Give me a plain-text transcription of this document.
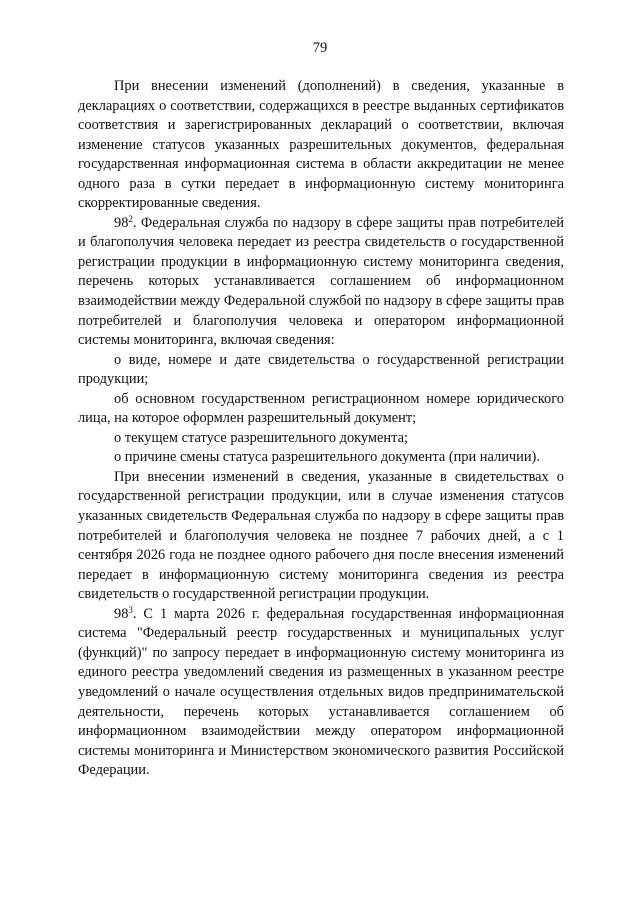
79

При внесении изменений (дополнений) в сведения, указанные в декларациях о соответствии, содержащихся в реестре выданных сертификатов соответствия и зарегистрированных деклараций о соответствии, включая изменение статусов указанных разрешительных документов, федеральная государственная информационная система в области аккредитации не менее одного раза в сутки передает в информационную систему мониторинга скорректированные сведения.

$98^2$. Федеральная служба по надзору в сфере защиты прав потребителей и благополучия человека передает из реестра свидетельств о государственной регистрации продукции в информационную систему мониторинга сведения, перечень которых устанавливается соглашением об информационном взаимодействии между Федеральной службой по надзору в сфере защиты прав потребителей и благополучия человека и оператором информационной системы мониторинга, включая сведения:

о виде, номере и дате свидетельства о государственной регистрации продукции;

об основном государственном регистрационном номере юридического лица, на которое оформлен разрешительный документ;

о текущем статусе разрешительного документа;

о причине смены статуса разрешительного документа (при наличии).

При внесении изменений в сведения, указанные в свидетельствах о государственной регистрации продукции, или в случае изменения статусов указанных свидетельств Федеральная служба по надзору в сфере защиты прав потребителей и благополучия человека не позднее 7 рабочих дней, а с 1 сентября 2026 года не позднее одного рабочего дня после внесения изменений передает в информационную систему мониторинга сведения из реестра свидетельств о государственной регистрации продукции.

$98^3$. С 1 марта 2026 г. федеральная государственная информационная система "Федеральный реестр государственных и муниципальных услуг (функций)" по запросу передает в информационную систему мониторинга из единого реестра уведомлений сведения из размещенных в указанном реестре уведомлений о начале осуществления отдельных видов предпринимательской деятельности, перечень которых устанавливается соглашением об информационном взаимодействии между оператором информационной системы мониторинга и Министерством экономического развития Российской Федерации.
